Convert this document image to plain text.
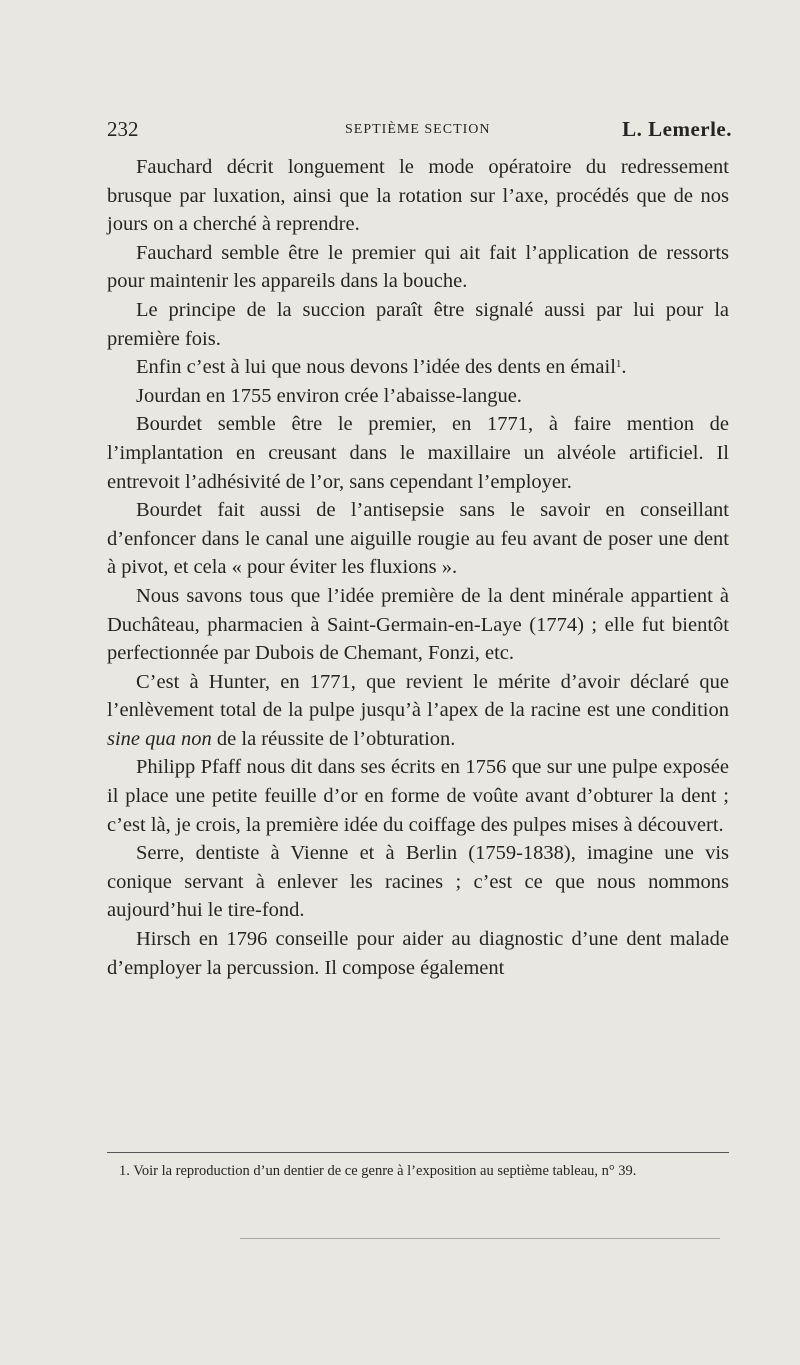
232	SEPTIÈME SECTION	L. Lemerle.

Fauchard décrit longuement le mode opératoire du redressement brusque par luxation, ainsi que la rotation sur l’axe, procédés que de nos jours on a cherché à reprendre.

Fauchard semble être le premier qui ait fait l’application de ressorts pour maintenir les appareils dans la bouche.

Le principe de la succion paraît être signalé aussi par lui pour la première fois.

Enfin c’est à lui que nous devons l’idée des dents en émail$^1$.

Jourdan en 1755 environ crée l’abaisse-langue.

Bourdet semble être le premier, en 1771, à faire mention de l’implantation en creusant dans le maxillaire un alvéole artificiel. Il entrevoit l’adhésivité de l’or, sans cependant l’employer.

Bourdet fait aussi de l’antisepsie sans le savoir en conseillant d’enfoncer dans le canal une aiguille rougie au feu avant de poser une dent à pivot, et cela « pour éviter les fluxions ».

Nous savons tous que l’idée première de la dent minérale appartient à Duchâteau, pharmacien à Saint-Germain-en-Laye (1774) ; elle fut bientôt perfectionnée par Dubois de Chemant, Fonzi, etc.

C’est à Hunter, en 1771, que revient le mérite d’avoir déclaré que l’enlèvement total de la pulpe jusqu’à l’apex de la racine est une condition sine qua non de la réussite de l’obturation.

Philipp Pfaff nous dit dans ses écrits en 1756 que sur une pulpe exposée il place une petite feuille d’or en forme de voûte avant d’obturer la dent ; c’est là, je crois, la première idée du coiffage des pulpes mises à découvert.

Serre, dentiste à Vienne et à Berlin (1759-1838), imagine une vis conique servant à enlever les racines ; c’est ce que nous nommons aujourd’hui le tire-fond.

Hirsch en 1796 conseille pour aider au diagnostic d’une dent malade d’employer la percussion. Il compose également

1. Voir la reproduction d’un dentier de ce genre à l’exposition au septième tableau, n° 39.
